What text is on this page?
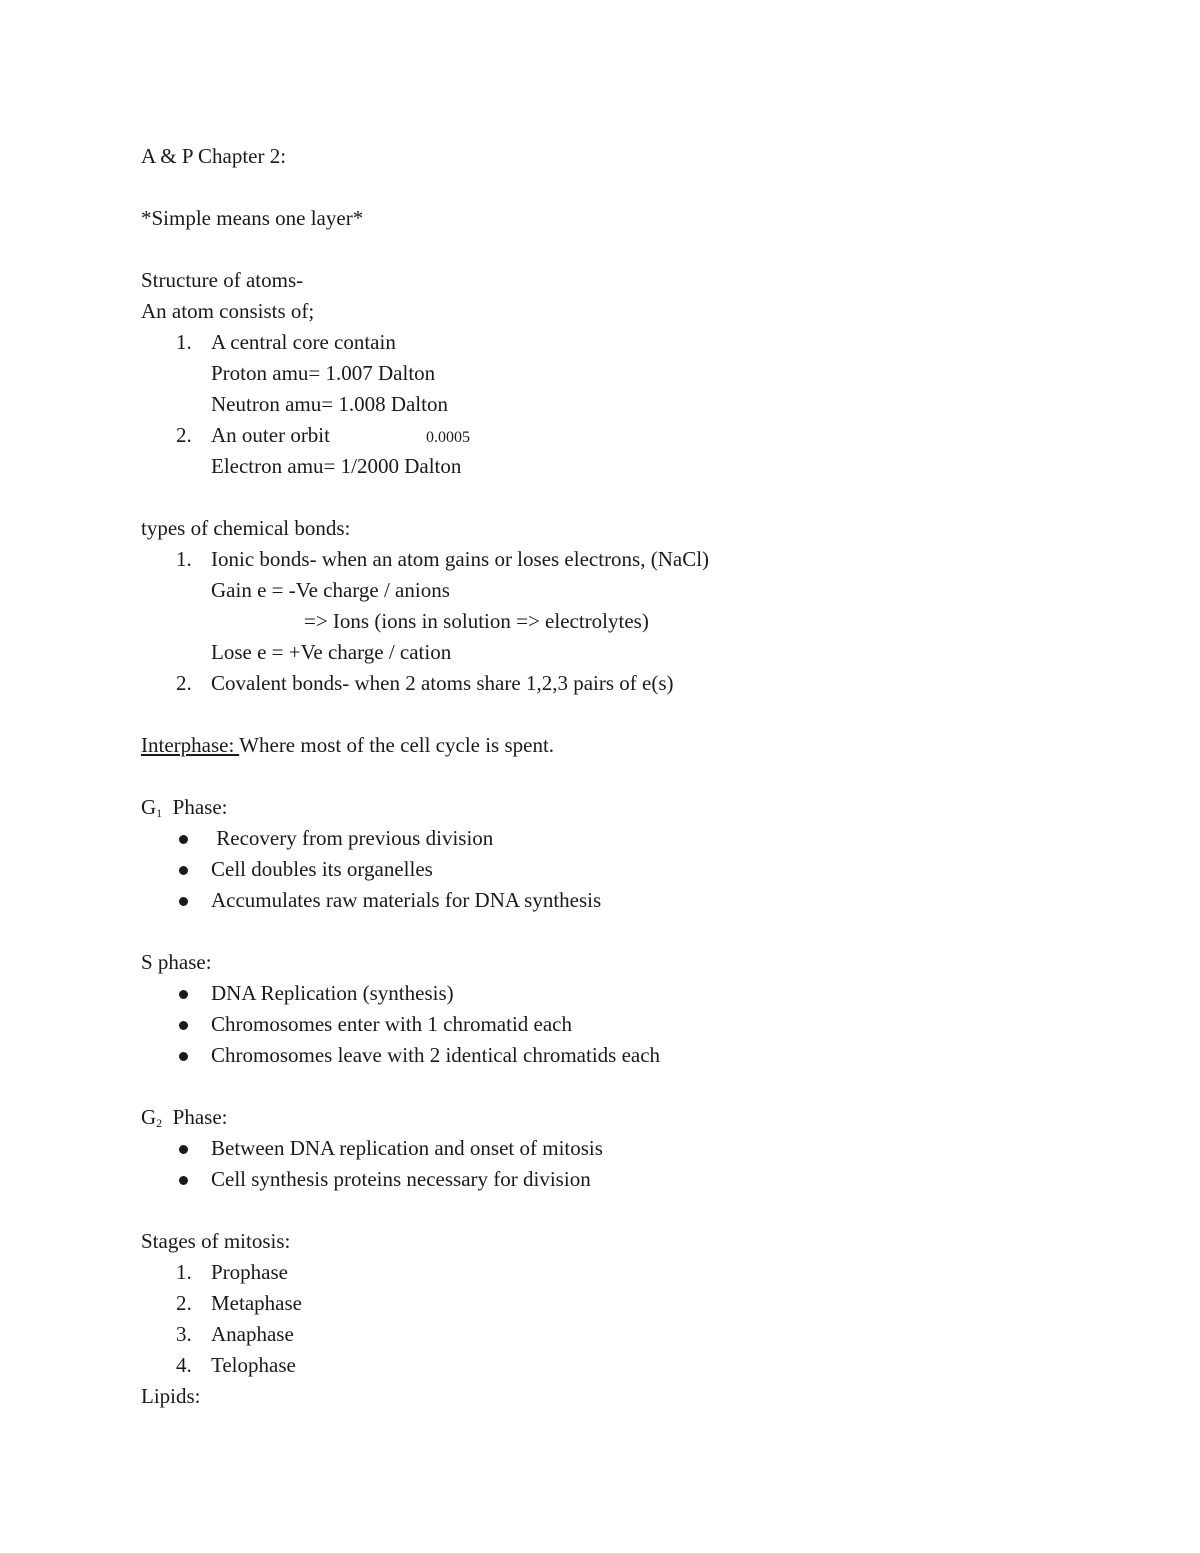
A & P Chapter 2:
*Simple means one layer*
Structure of atoms-
An atom consists of;
1. A central core contain
Proton amu= 1.007 Dalton
Neutron amu= 1.008 Dalton
2. An outer orbit	0.0005
Electron amu= 1/2000 Dalton
types of chemical bonds:
1. Ionic bonds- when an atom gains or loses electrons, (NaCl)
Gain e = -Ve charge / anions
=> Ions (ions in solution => electrolytes)
Lose e = +Ve charge / cation
2. Covalent bonds- when 2 atoms share 1,2,3 pairs of e(s)
Interphase: Where most of the cell cycle is spent.
$G_1$  Phase:
Recovery from previous division
Cell doubles its organelles
Accumulates raw materials for DNA synthesis
S phase:
DNA Replication (synthesis)
Chromosomes enter with 1 chromatid each
Chromosomes leave with 2 identical chromatids each
$G_2$  Phase:
Between DNA replication and onset of mitosis
Cell synthesis proteins necessary for division
Stages of mitosis:
1. Prophase
2. Metaphase
3. Anaphase
4. Telophase
Lipids:
